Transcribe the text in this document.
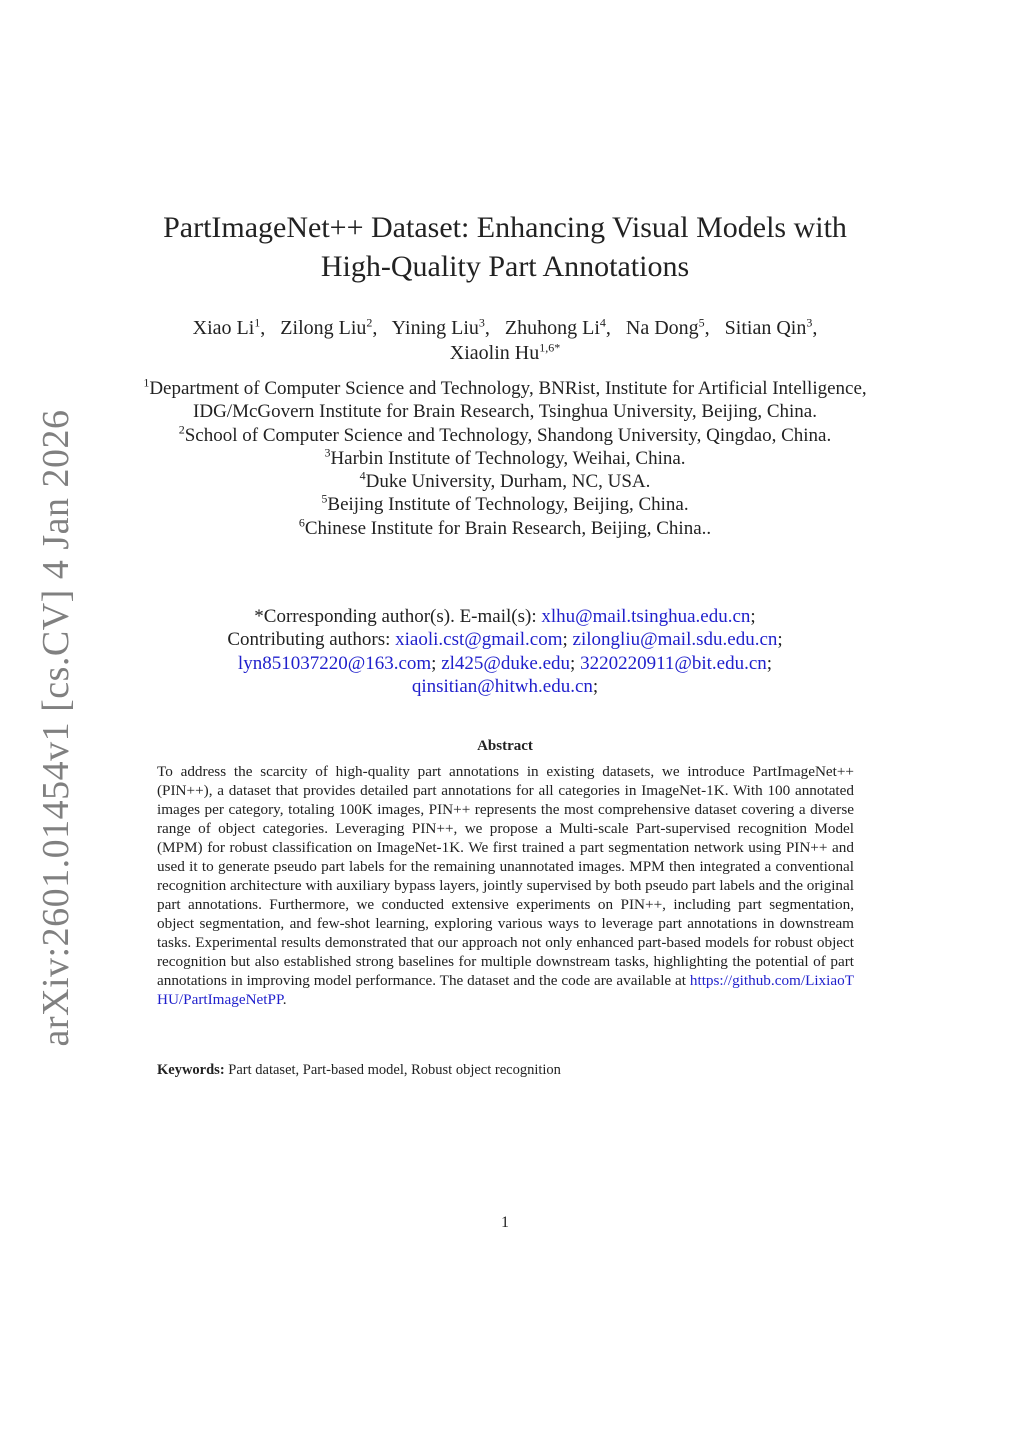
arXiv:2601.01454v1 [cs.CV] 4 Jan 2026
PartImageNet++ Dataset: Enhancing Visual Models with
High-Quality Part Annotations
Xiao Li$^1$,   Zilong Liu$^2$,   Yining Liu$^3$,   Zhuhong Li$^4$,   Na Dong$^5$,   Sitian Qin$^3$,
Xiaolin $Hu^{1,6*}$
$^1$Department of Computer Science and Technology, BNRist, Institute for Artificial Intelligence, IDG/McGovern Institute for Brain Research, Tsinghua University, Beijing, China.
$^2$School of Computer Science and Technology, Shandong University, Qingdao, China.
$^3$Harbin Institute of Technology, Weihai, China.
$^4$Duke University, Durham, NC, USA.
$^5$Beijing Institute of Technology, Beijing, China.
$^6$Chinese Institute for Brain Research, Beijing, China..
*Corresponding author(s). E-mail(s): xlhu@mail.tsinghua.edu.cn;
Contributing authors: xiaoli.cst@gmail.com; zilongliu@mail.sdu.edu.cn;
lyn851037220@163.com; zl425@duke.edu; 3220220911@bit.edu.cn;
qinsitian@hitwh.edu.cn;
Abstract
To address the scarcity of high-quality part annotations in existing datasets, we introduce PartImageNet++ (PIN++), a dataset that provides detailed part annotations for all categories in ImageNet-1K. With 100 annotated images per category, totaling 100K images, PIN++ represents the most comprehensive dataset covering a diverse range of object categories. Leveraging PIN++, we propose a Multi-scale Part-supervised recognition Model (MPM) for robust classification on ImageNet-1K. We first trained a part segmentation network using PIN++ and used it to generate pseudo part labels for the remaining unannotated images. MPM then integrated a conventional recognition architecture with auxiliary bypass layers, jointly supervised by both pseudo part labels and the original part annotations. Furthermore, we conducted extensive experiments on PIN++, including part segmentation, object segmentation, and few-shot learning, exploring various ways to leverage part annotations in downstream tasks. Experimental results demonstrated that our approach not only enhanced part-based models for robust object recognition but also established strong baselines for multiple downstream tasks, highlighting the potential of part annotations in improving model performance. The dataset and the code are available at https://github.com/LixiaoTHU/PartImageNetPP.
Keywords: Part dataset, Part-based model, Robust object recognition
1
